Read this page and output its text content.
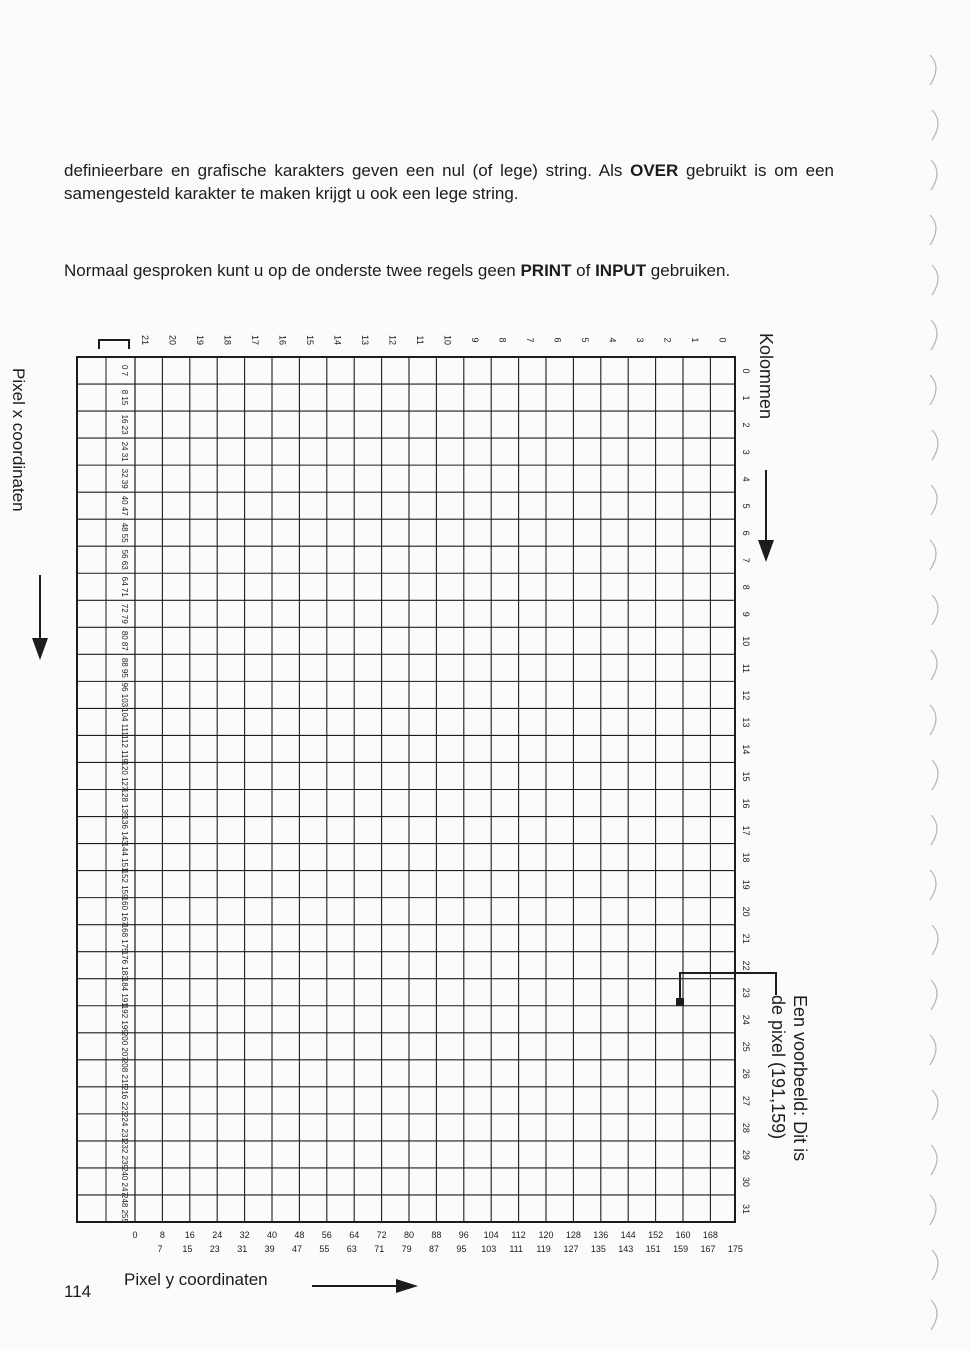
definieerbare en grafische karakters geven een nul (of lege) string. Als OVER gebruikt is om een samengesteld karakter te maken krijgt u ook een lege string.

Normaal gesproken kunt u op de onderste twee regels geen PRINT of INPUT gebruiken.

21 20 19 18 17 16 15 14 13 12 11 10 9 8 7 6 5 4 3 2 1 0
0
1
2
3
4
5
6
7
8
9
10
11
12
13
14
15
16
17
18
19
20
21
22
23
24
25
26
27
28
29
30
31
0 7
8 15
16 23
24 31
32 39
40 47
48 55
56 63
64 71
72 79
80 87
88 95
96 103
104 111
112 119
120 127
128 135
136 143
144 151
152 159
160 167
168 175
176 183
184 191
192 199
200 207
208 215
216 223
224 231
232 239
240 247
248 255
0 8 16 24 32 40 48 56 64 72 80 88 96 104 112 120 128 136 144 152 160 168
7 15 23 31 39 47 55 63 71 79 87 95 103 111 119 127 135 143 151 159 167 175
Pixel x coordinaten	Kolommen
Een voorbeeld: Dit is
de pixel (191,159)
Pixel y coordinaten
114
